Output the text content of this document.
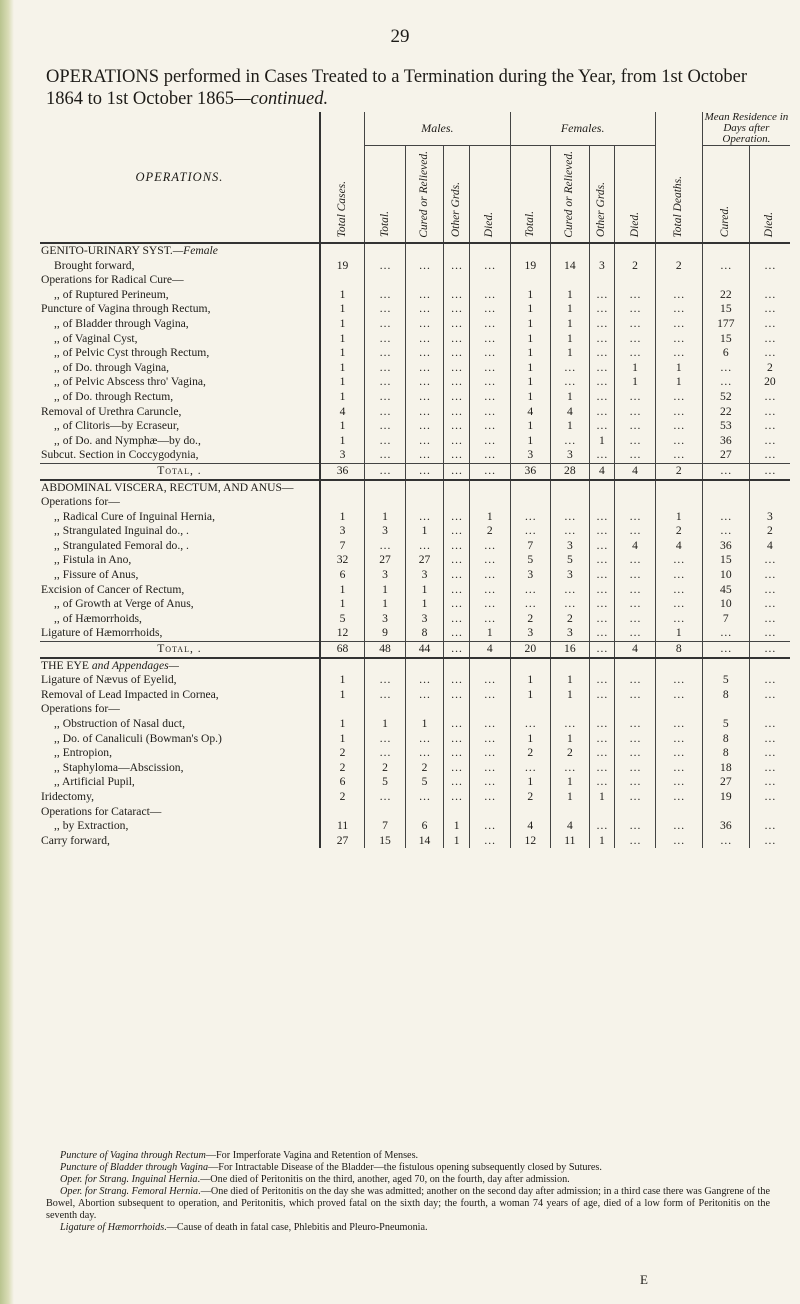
29
OPERATIONS performed in Cases Treated to a Termination during the Year, from 1st October 1864 to 1st October 1865—continued.
OPERATIONS.	Total Cases.	Males.				Females.				Total Deaths.	Mean Residence in Days after Operation.	
		Total.	Cured or Relieved.	Other Grds.	Died.	Total.	Cured or Relieved.	Other Grds.	Died.		Cured.	Died.
GENITO-URINARY SYST.—Female												
Brought forward,	19	…	…	…	…	19	14	3	2	2	…	…
Operations for Radical Cure—												
,, of Ruptured Perineum,	1	…	…	…	…	1	1	…	…	…	22	…
Puncture of Vagina through Rectum,	1	…	…	…	…	1	1	…	…	…	15	…
,, of Bladder through Vagina,	1	…	…	…	…	1	1	…	…	…	177	…
,, of Vaginal Cyst,	1	…	…	…	…	1	1	…	…	…	15	…
,, of Pelvic Cyst through Rectum,	1	…	…	…	…	1	1	…	…	…	6	…
,, of Do. through Vagina,	1	…	…	…	…	1	…	…	1	1	…	2
,, of Pelvic Abscess thro' Vagina,	1	…	…	…	…	1	…	…	1	1	…	20
,, of Do. through Rectum,	1	…	…	…	…	1	1	…	…	…	52	…
Removal of Urethra Caruncle,	4	…	…	…	…	4	4	…	…	…	22	…
,, of Clitoris—by Ecraseur,	1	…	…	…	…	1	1	…	…	…	53	…
,, of Do. and Nymphæ—by do.,	1	…	…	…	…	1	…	1	…	…	36	…
Subcut. Section in Coccygodynia,	3	…	…	…	…	3	3	…	…	…	27	…
Total, .	36	…	…	…	…	36	28	4	4	2	…	…
ABDOMINAL VISCERA, RECTUM, AND ANUS—												
Operations for—												
,, Radical Cure of Inguinal Hernia,	1	1	…	…	1	…	…	…	…	1	…	3
,, Strangulated Inguinal do., .	3	3	1	…	2	…	…	…	…	2	…	2
,, Strangulated Femoral do., .	7	…	…	…	…	7	3	…	4	4	36	4
,, Fistula in Ano,	32	27	27	…	…	5	5	…	…	…	15	…
,, Fissure of Anus,	6	3	3	…	…	3	3	…	…	…	10	…
Excision of Cancer of Rectum,	1	1	1	…	…	…	…	…	…	…	45	…
,, of Growth at Verge of Anus,	1	1	1	…	…	…	…	…	…	…	10	…
,, of Hæmorrhoids,	5	3	3	…	…	2	2	…	…	…	7	…
Ligature of Hæmorrhoids,	12	9	8	…	1	3	3	…	…	1	…	…
Total, .	68	48	44	…	4	20	16	…	4	8	…	…
THE EYE and Appendages—												
Ligature of Nævus of Eyelid,	1	…	…	…	…	1	1	…	…	…	5	…
Removal of Lead Impacted in Cornea,	1	…	…	…	…	1	1	…	…	…	8	…
Operations for—												
,, Obstruction of Nasal duct,	1	1	1	…	…	…	…	…	…	…	5	…
,, Do. of Canaliculi (Bowman's Op.)	1	…	…	…	…	1	1	…	…	…	8	…
,, Entropion,	2	…	…	…	…	2	2	…	…	…	8	…
,, Staphyloma—Abscission,	2	2	2	…	…	…	…	…	…	…	18	…
,, Artificial Pupil,	6	5	5	…	…	1	1	…	…	…	27	…
Iridectomy,	2	…	…	…	…	2	1	1	…	…	19	…
Operations for Cataract—												
,, by Extraction,	11	7	6	1	…	4	4	…	…	…	36	…
Carry forward,	27	15	14	1	…	12	11	1	…	…	…	…

Puncture of Vagina through Rectum—For Imperforate Vagina and Retention of Menses.

Puncture of Bladder through Vagina—For Intractable Disease of the Bladder—the fistulous opening subsequently closed by Sutures.

Oper. for Strang. Inguinal Hernia.—One died of Peritonitis on the third, another, aged 70, on the fourth, day after admission.

Oper. for Strang. Femoral Hernia.—One died of Peritonitis on the day she was admitted; another on the second day after admission; in a third case there was Gangrene of the Bowel, Abortion subsequent to operation, and Peritonitis, which proved fatal on the sixth day; the fourth, a woman 74 years of age, died of a low form of Peritonitis on the seventh day.

Ligature of Hæmorrhoids.—Cause of death in fatal case, Phlebitis and Pleuro-Pneumonia.

E
